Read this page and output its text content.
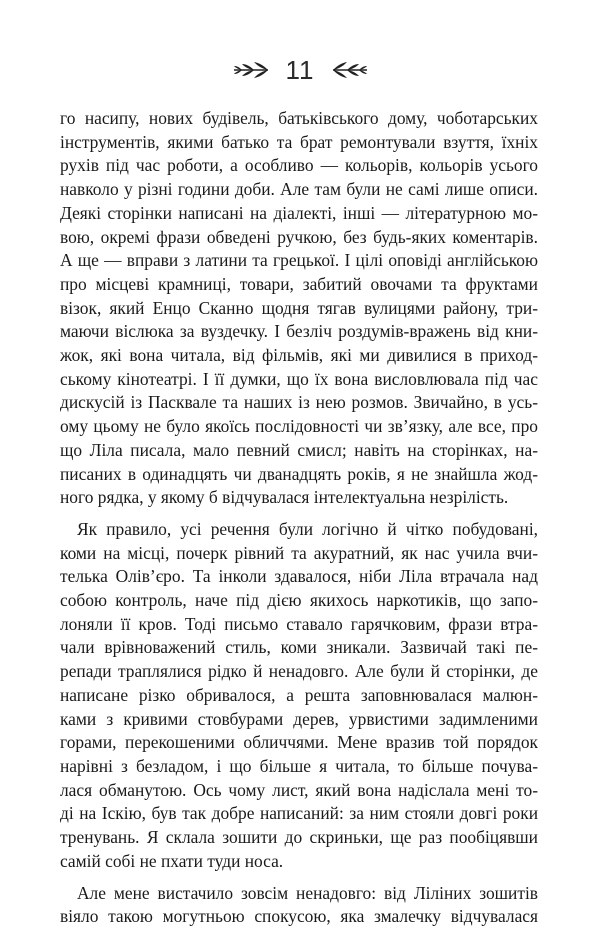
11

го насипу, нових будівель, батьківського дому, чоботарських
інструментів, якими батько та брат ремонтували взуття, їхніх
рухів під час роботи, а особливо — кольорів, кольорів усього
навколо у різні години доби. Але там були не самі лише описи.
Деякі сторінки написані на діалекті, інші — літературною мо-
вою, окремі фрази обведені ручкою, без будь-яких коментарів.
А ще — вправи з латини та грецької. І цілі оповіді англійською
про місцеві крамниці, товари, забитий овочами та фруктами
візок, який Енцо Сканно щодня тягав вулицями району, три-
маючи віслюка за вуздечку. І безліч роздумів-вражень від кни-
жок, які вона читала, від фільмів, які ми дивилися в приход-
ському кінотеатрі. І її думки, що їх вона висловлювала під час
дискусій із Пасквале та наших із нею розмов. Звичайно, в усь-
ому цьому не було якоїсь послідовності чи зв’язку, але все, про
що Ліла писала, мало певний смисл; навіть на сторінках, на-
писаних в одинадцять чи дванадцять років, я не знайшла жод-
ного рядка, у якому б відчувалася інтелектуальна незрілість.

Як правило, усі речення були логічно й чітко побудовані,
коми на місці, почерк рівний та акуратний, як нас учила вчи-
телька Олів’єро. Та інколи здавалося, ніби Ліла втрачала над
собою контроль, наче під дією якихось наркотиків, що запо-
лоняли її кров. Тоді письмо ставало гарячковим, фрази втра-
чали врівноважений стиль, коми зникали. Зазвичай такі пе-
репади траплялися рідко й ненадовго. Але були й сторінки, де
написане різко обривалося, а решта заповнювалася малюн-
ками з кривими стовбурами дерев, урвистими задимленими
горами, перекошеними обличчями. Мене вразив той порядок
нарівні з безладом, і що більше я читала, то більше почува-
лася обманутою. Ось чому лист, який вона надіслала мені то-
ді на Іскію, був так добре написаний: за ним стояли довгі роки
тренувань. Я склала зошити до скриньки, ще раз пообіцявши
самій собі не пхати туди носа.

Але мене вистачило зовсім ненадовго: від Ліліних зошитів
віяло такою могутньою спокусою, яка змалечку відчувалася
